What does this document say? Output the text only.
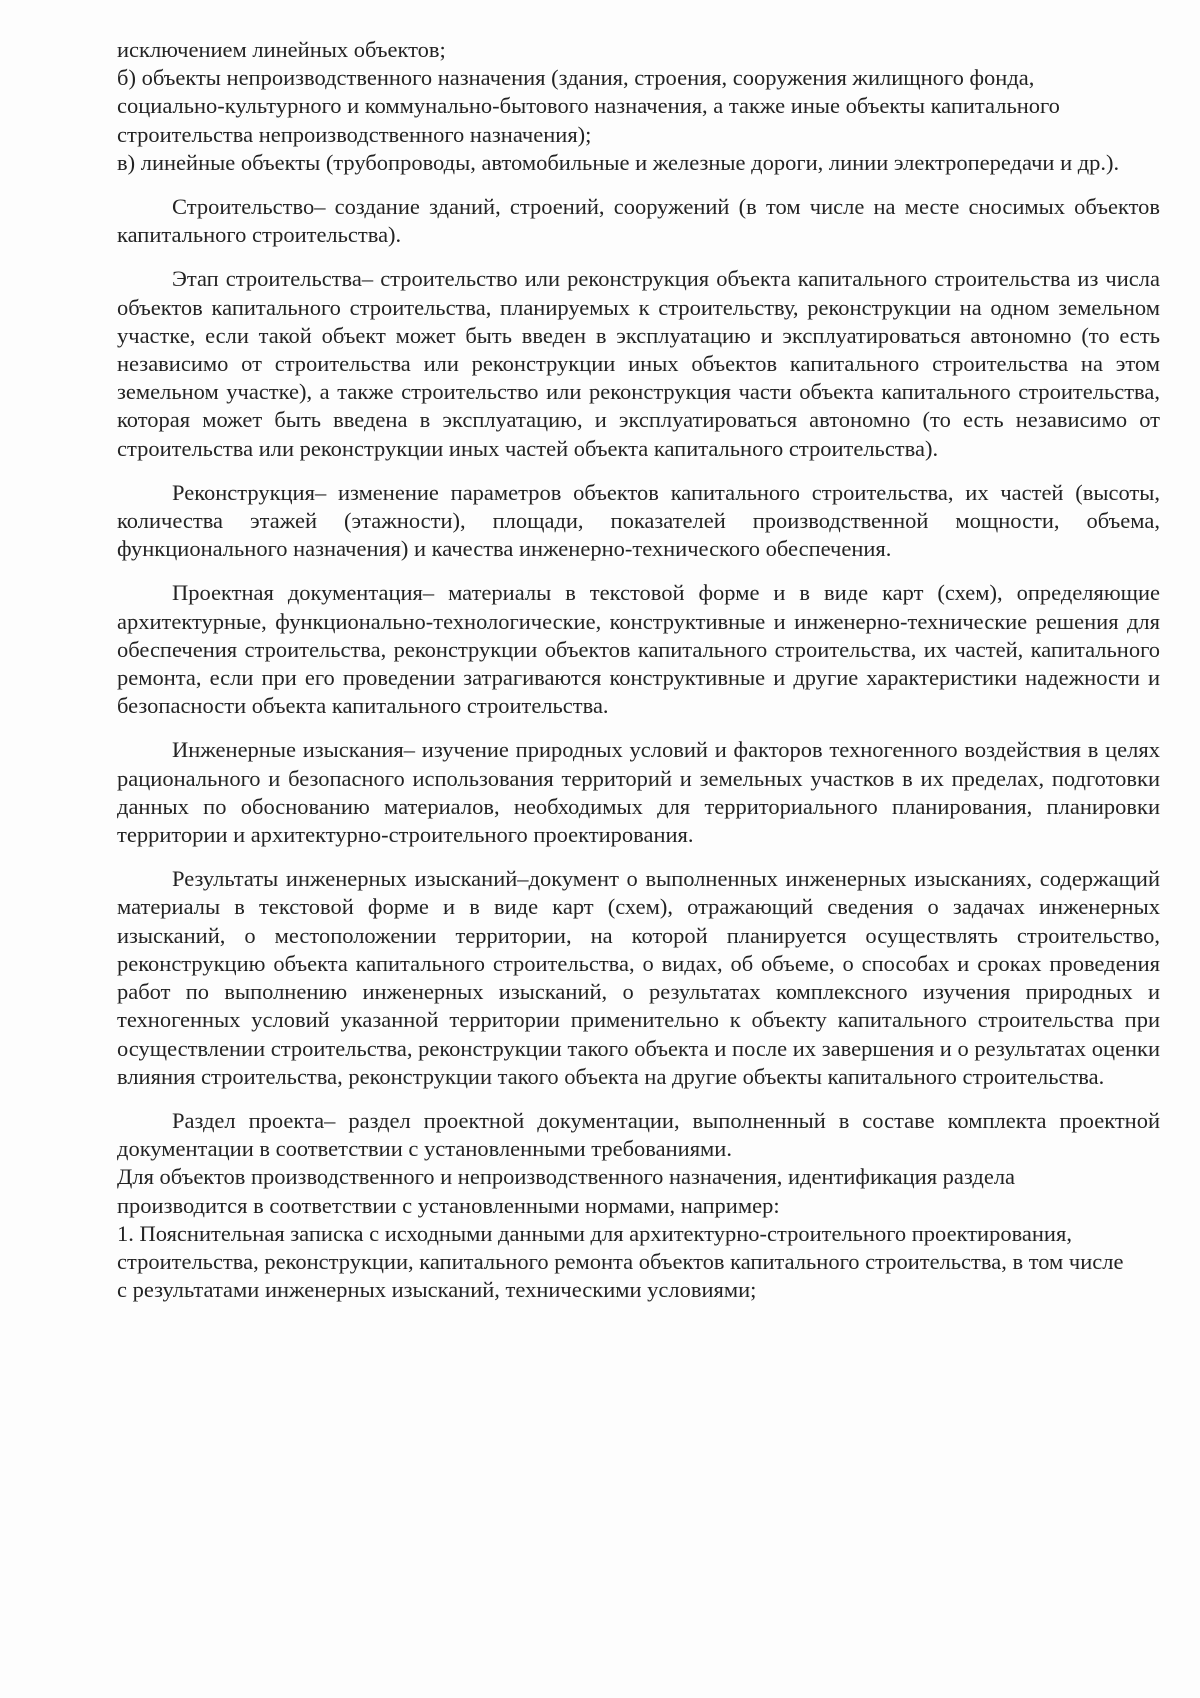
исключением линейных объектов;

б) объекты непроизводственного назначения (здания, строения, сооружения жилищного фонда, социально-культурного и коммунально-бытового назначения, а также иные объекты капитального строительства непроизводственного назначения);

в) линейные объекты (трубопроводы, автомобильные и железные дороги, линии электропередачи и др.).

Строительство– создание зданий, строений, сооружений (в том числе на месте сносимых объектов капитального строительства).

Этап строительства– строительство или реконструкция объекта капитального строительства из числа объектов капитального строительства, планируемых к строительству, реконструкции на одном земельном участке, если такой объект может быть введен в эксплуатацию и эксплуатироваться автономно (то есть независимо от строительства или реконструкции иных объектов капитального строительства на этом земельном участке), а также строительство или реконструкция части объекта капитального строительства, которая может быть введена в эксплуатацию, и эксплуатироваться автономно (то есть независимо от строительства или реконструкции иных частей объекта капитального строительства).

Реконструкция– изменение параметров объектов капитального строительства, их частей (высоты, количества этажей (этажности), площади, показателей производственной мощности, объема, функционального назначения) и качества инженерно-технического обеспечения.

Проектная документация– материалы в текстовой форме и в виде карт (схем), определяющие архитектурные, функционально-технологические, конструктивные и инженерно-технические решения для обеспечения строительства, реконструкции объектов капитального строительства, их частей, капитального ремонта, если при его проведении затрагиваются конструктивные и другие характеристики надежности и безопасности объекта капитального строительства.

Инженерные изыскания– изучение природных условий и факторов техногенного воздействия в целях рационального и безопасного использования территорий и земельных участков в их пределах, подготовки данных по обоснованию материалов, необходимых для территориального планирования, планировки территории и архитектурно-строительного проектирования.

Результаты инженерных изысканий–документ о выполненных инженерных изысканиях, содержащий материалы в текстовой форме и в виде карт (схем), отражающий сведения о задачах инженерных изысканий, о местоположении территории, на которой планируется осуществлять строительство, реконструкцию объекта капитального строительства, о видах, об объеме, о способах и сроках проведения работ по выполнению инженерных изысканий, о результатах комплексного изучения природных и техногенных условий указанной территории применительно к объекту капитального строительства при осуществлении строительства, реконструкции такого объекта и после их завершения и о результатах оценки влияния строительства, реконструкции такого объекта на другие объекты капитального строительства.

Раздел проекта– раздел проектной документации, выполненный в составе комплекта проектной документации в соответствии с установленными требованиями.

Для объектов производственного и непроизводственного назначения, идентификация раздела производится в соответствии с установленными нормами, например:

1. Пояснительная записка с исходными данными для архитектурно-строительного проектирования, строительства, реконструкции, капитального ремонта объектов капитального строительства, в том числе с результатами инженерных изысканий, техническими условиями;
